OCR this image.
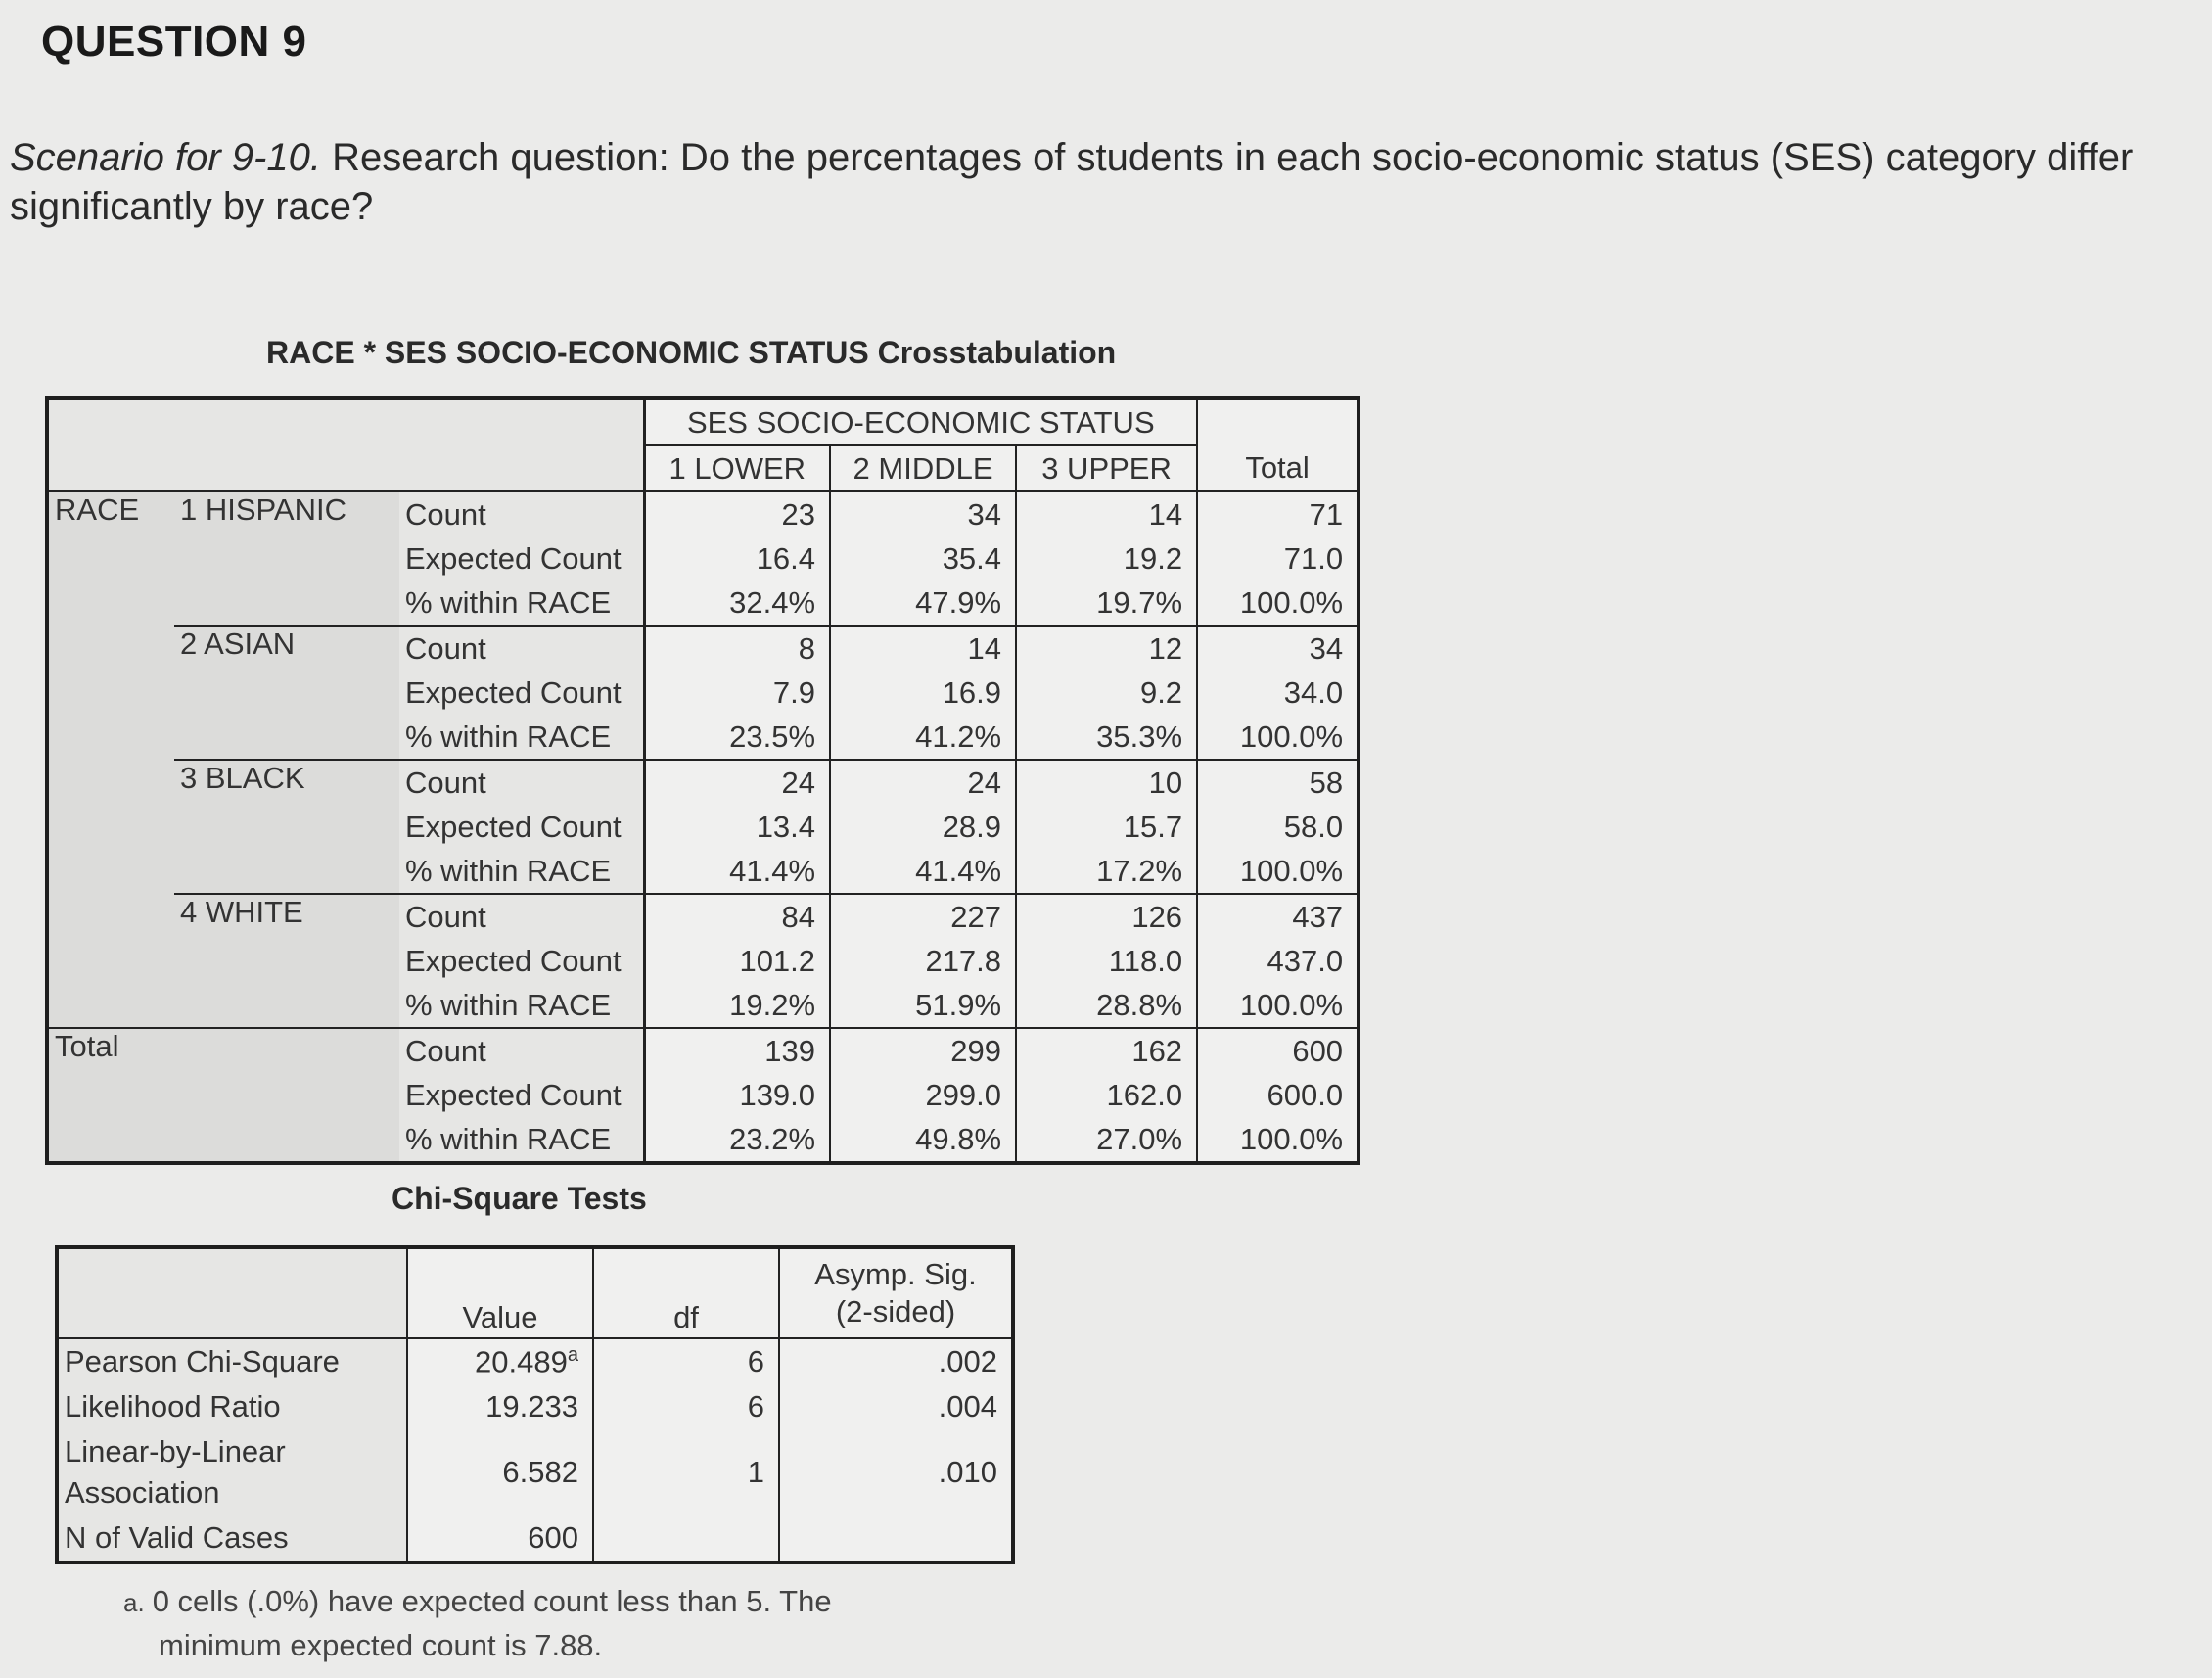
QUESTION 9
Scenario for 9-10. Research question: Do the percentages of students in each socio-economic status (SES) category differ significantly by race?
RACE * SES SOCIO-ECONOMIC STATUS Crosstabulation
			SES SOCIO-ECONOMIC STATUS			
			1 LOWER	2 MIDDLE	3 UPPER	Total
RACE	1 HISPANIC	Count	23	34	14	71
		Expected Count	16.4	35.4	19.2	71.0
		% within RACE	32.4%	47.9%	19.7%	100.0%
	2 ASIAN	Count	8	14	12	34
		Expected Count	7.9	16.9	9.2	34.0
		% within RACE	23.5%	41.2%	35.3%	100.0%
	3 BLACK	Count	24	24	10	58
		Expected Count	13.4	28.9	15.7	58.0
		% within RACE	41.4%	41.4%	17.2%	100.0%
	4 WHITE	Count	84	227	126	437
		Expected Count	101.2	217.8	118.0	437.0
		% within RACE	19.2%	51.9%	28.8%	100.0%
Total		Count	139	299	162	600
		Expected Count	139.0	299.0	162.0	600.0
		% within RACE	23.2%	49.8%	27.0%	100.0%
Chi-Square Tests
	Value	df	Asymp. Sig.
(2-sided)

Pearson Chi-Square	20.489$^a$	6	.002
Likelihood Ratio	19.233	6	.004

Linear-by-Linear
Association	6.582	1	.010
N of Valid Cases	600		
a. 0 cells (.0%) have expected count less than 5. The
minimum expected count is 7.88.
